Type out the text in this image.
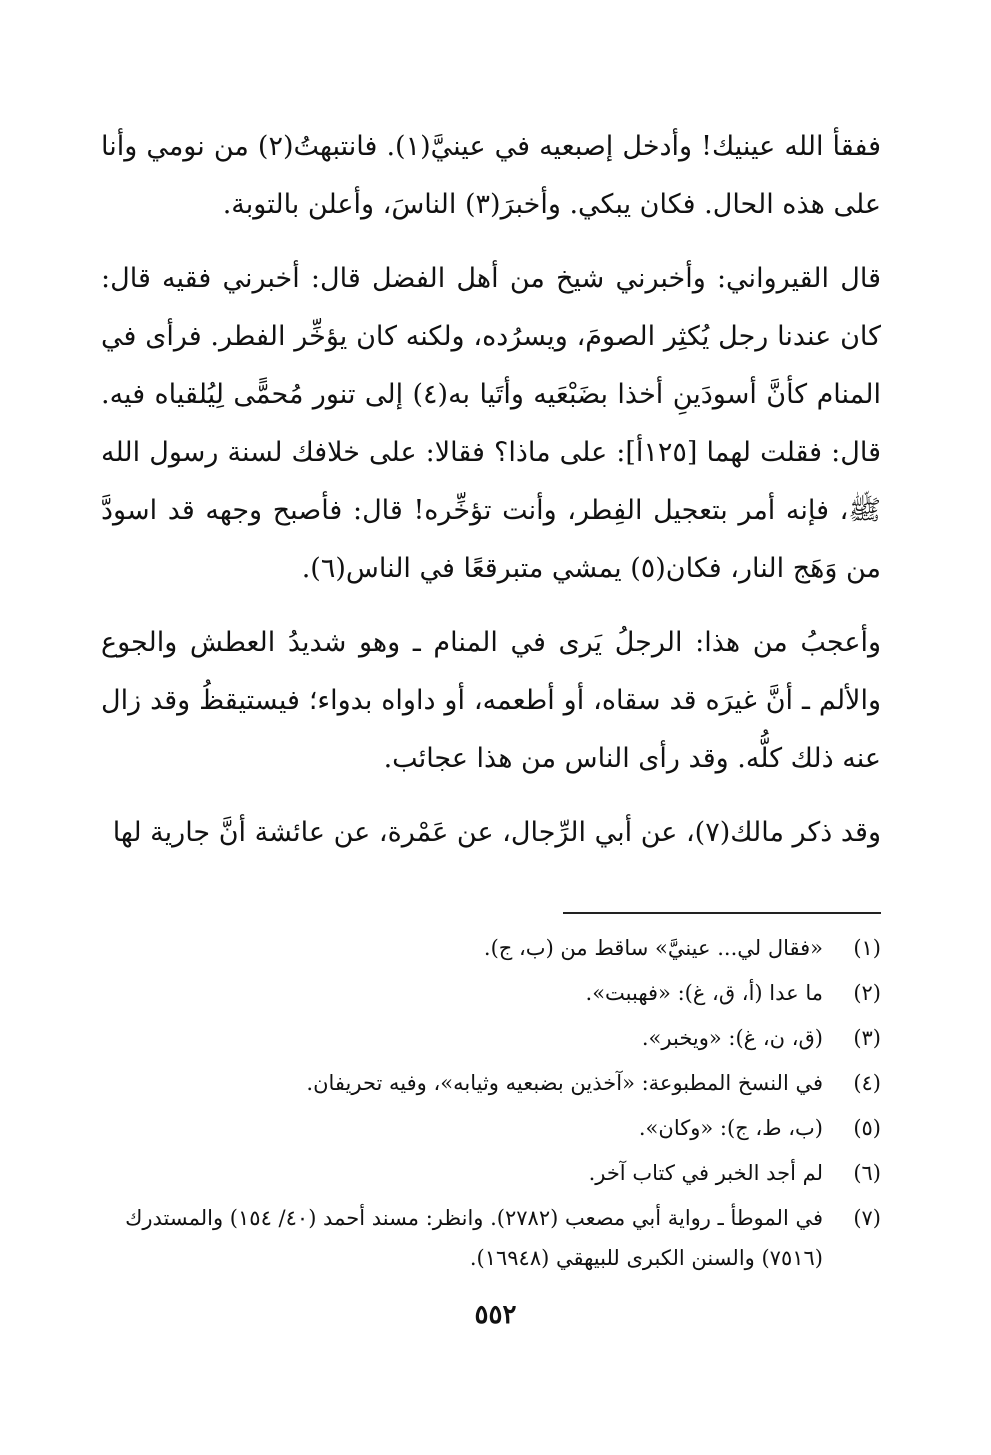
ففقأ الله عينيك! وأدخل إصبعيه في عينيَّ(١). فانتبهتُ(٢) من نومي وأنا على هذه الحال. فكان يبكي. وأخبرَ(٣) الناسَ، وأعلن بالتوبة.

قال القيرواني: وأخبرني شيخ من أهل الفضل قال: أخبرني فقيه قال: كان عندنا رجل يُكثِر الصومَ، ويسرُده، ولكنه كان يؤخِّر الفطر. فرأى في المنام كأنَّ أسودَينِ أخذا بضَبْعَيه وأتَيا به(٤) إلى تنور مُحمًّى لِيُلقياه فيه. قال: فقلت لهما [١٢٥أ]: على ماذا؟ فقالا: على خلافك لسنة رسول الله ﷺ، فإنه أمر بتعجيل الفِطر، وأنت تؤخِّره! قال: فأصبح وجهه قد اسودَّ من وَهَج النار، فكان(٥) يمشي متبرقعًا في الناس(٦).

وأعجبُ من هذا: الرجلُ يَرى في المنام ـ وهو شديدُ العطش والجوع والألم ـ أنَّ غيرَه قد سقاه، أو أطعمه، أو داواه بدواء؛ فيستيقظُ وقد زال عنه ذلك كلُّه. وقد رأى الناس من هذا عجائب.

وقد ذكر مالك(٧)، عن أبي الرِّجال، عن عَمْرة، عن عائشة أنَّ جارية لها

(١)
«فقال لي... عينيَّ» ساقط من (ب، ج).
(٢)
ما عدا (أ، ق، غ): «فهببت».
(٣)
(ق، ن، غ): «ويخبر».
(٤)
في النسخ المطبوعة: «آخذين بضبعيه وثيابه»، وفيه تحريفان.
(٥)
(ب، ط، ج): «وكان».
(٦)
لم أجد الخبر في كتاب آخر.
(٧)
في الموطأ ـ رواية أبي مصعب (٢٧٨٢). وانظر: مسند أحمد (٤٠/ ١٥٤) والمستدرك (٧٥١٦) والسنن الكبرى للبيهقي (١٦٩٤٨).
٥٥٢
